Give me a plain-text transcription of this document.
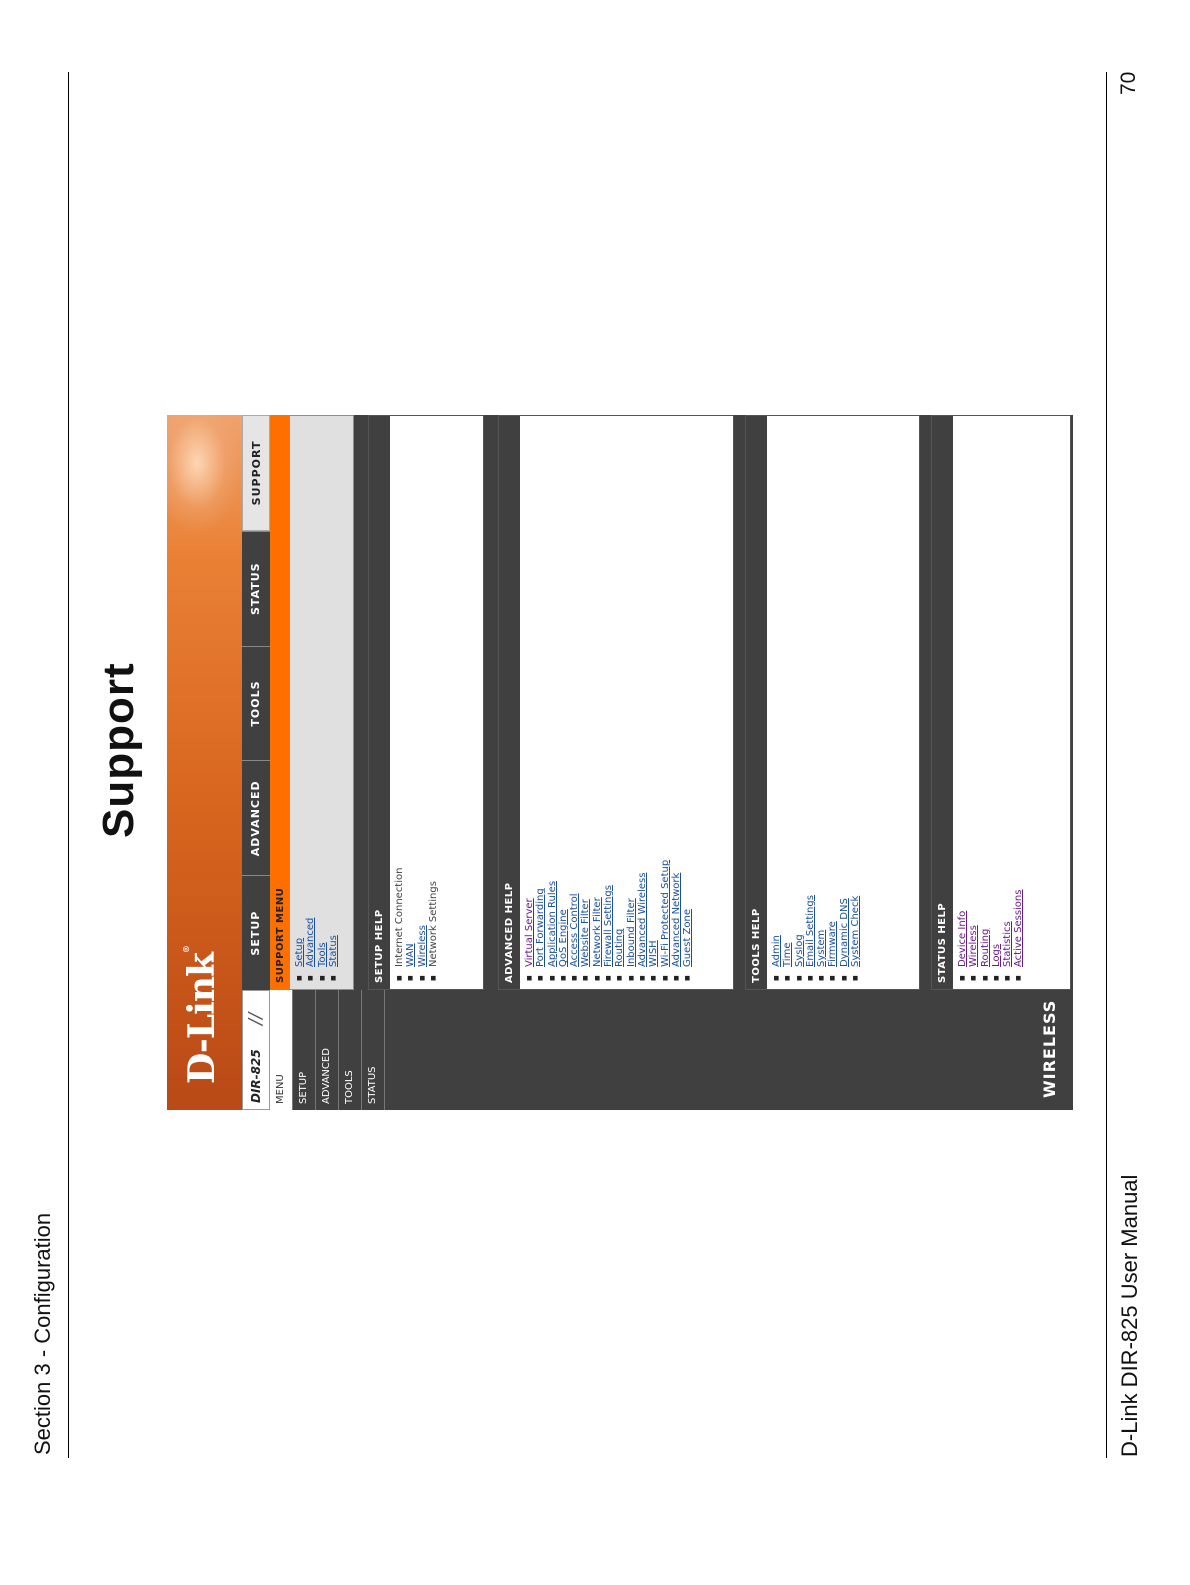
Section 3 - Configuration	D-Link DIR-825 User Manual
70
Support
D-Link®
DIR-825
//
SETUP
ADVANCED
TOOLS
STATUS
SUPPORT
MENU	SETUP	ADVANCED	TOOLS	STATUS	WIRELESS
SUPPORT MENU ■ Setup ■ Advanced ■ Tools ■ Status	SETUP HELP ■ Internet Connection ■ WAN ■ Wireless ■ Network Settings	ADVANCED HELP ■ Virtual Server ■ Port Forwarding ■ Application Rules ■ QoS Engine ■ Access Control ■ Website Filter ■ Network Filter ■ Firewall Settings ■ Routing ■ Inbound Filter ■ Advanced Wireless ■ WISH ■ Wi-Fi Protected Setup ■ Advanced Network ■ Guest Zone	TOOLS HELP ■ Admin ■ Time ■ Syslog ■ Email Settings ■ System ■ Firmware ■ Dynamic DNS ■ System Check	STATUS HELP ■ Device Info ■ Wireless ■ Routing ■ Logs ■ Statistics ■ Active Sessions
